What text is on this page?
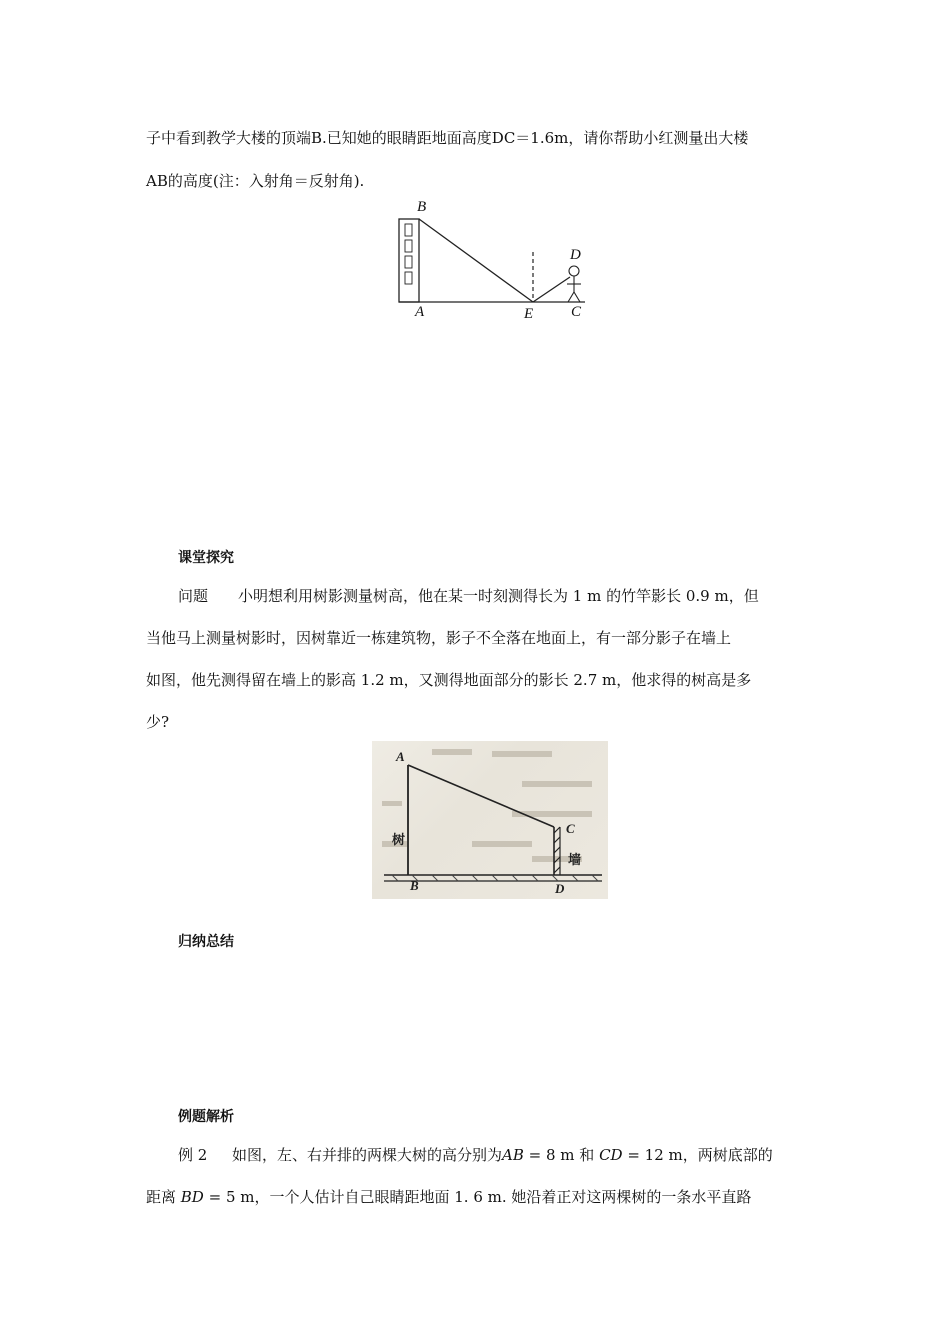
子中看到教学大楼的顶端B.已知她的眼睛距地面高度DC＝1.6m，请你帮助小红测量出大楼
AB的高度(注：入射角＝反射角).
B
A	E	C
D
课堂探究
问题 小明想利用树影测量树高，他在某一时刻测得长为 1 m 的竹竿影长 0.9 m，但
当他马上测量树影时，因树靠近一栋建筑物，影子不全落在地面上，有一部分影子在墙上
如图，他先测得留在墙上的影高 1.2 m，又测得地面部分的影长 2.7 m，他求得的树高是多
少?
A
B
C
D
树
墙
归纳总结
例题解析
例 2 如图，左、右并排的两棵大树的高分别为AB = 8 m 和 CD = 12 m，两树底部的
距离 BD = 5 m，一个人估计自己眼睛距地面 1. 6 m. 她沿着正对这两棵树的一条水平直路
